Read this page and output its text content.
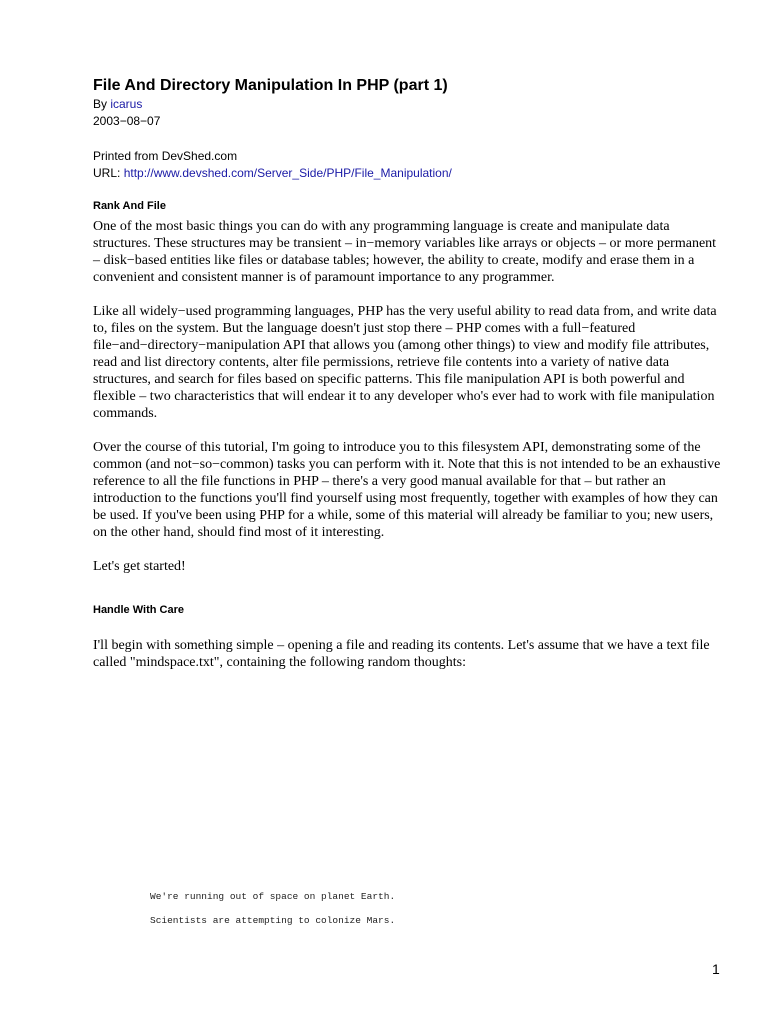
File And Directory Manipulation In PHP (part 1)
By icarus
2003−08−07
Printed from DevShed.com
URL: http://www.devshed.com/Server_Side/PHP/File_Manipulation/
Rank And File

One of the most basic things you can do with any programming language is create and manipulate data structures. These structures may be transient – in−memory variables like arrays or objects – or more permanent – disk−based entities like files or database tables; however, the ability to create, modify and erase them in a convenient and consistent manner is of paramount importance to any programmer.

Like all widely−used programming languages, PHP has the very useful ability to read data from, and write data to, files on the system. But the language doesn't just stop there – PHP comes with a full−featured file−and−directory−manipulation API that allows you (among other things) to view and modify file attributes, read and list directory contents, alter file permissions, retrieve file contents into a variety of native data structures, and search for files based on specific patterns. This file manipulation API is both powerful and flexible – two characteristics that will endear it to any developer who's ever had to work with file manipulation commands.

Over the course of this tutorial, I'm going to introduce you to this filesystem API, demonstrating some of the common (and not−so−common) tasks you can perform with it. Note that this is not intended to be an exhaustive reference to all the file functions in PHP – there's a very good manual available for that – but rather an introduction to the functions you'll find yourself using most frequently, together with examples of how they can be used. If you've been using PHP for a while, some of this material will already be familiar to you; new users, on the other hand, should find most of it interesting.

Let's get started!

Handle With Care

I'll begin with something simple – opening a file and reading its contents. Let's assume that we have a text file called "mindspace.txt", containing the following random thoughts:

We're running out of space on planet Earth.
Scientists are attempting to colonize Mars.
1
